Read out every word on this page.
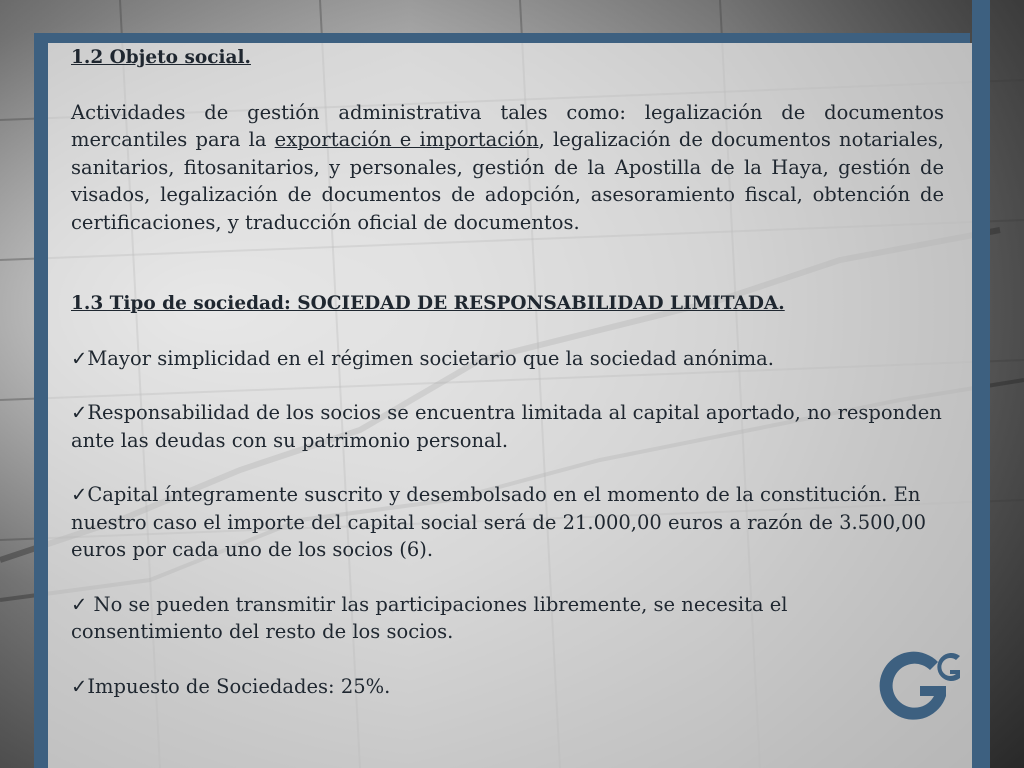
1.2 Objeto social.

Actividades de gestión administrativa tales como: legalización de documentos mercantiles para la exportación e importación, legalización de documentos notariales, sanitarios, fitosanitarios, y personales, gestión de la Apostilla de la Haya, gestión de visados, legalización de documentos de adopción, asesoramiento fiscal, obtención de certificaciones, y traducción oficial de documentos.

1.3 Tipo de sociedad: SOCIEDAD DE RESPONSABILIDAD LIMITADA.

✓Mayor simplicidad en el régimen societario que la sociedad anónima.

✓Responsabilidad de los socios se encuentra limitada al capital aportado, no responden ante las deudas con su patrimonio personal.

✓Capital íntegramente suscrito y desembolsado en el momento de la constitución. En nuestro caso el importe del capital social será de 21.000,00 euros a razón de 3.500,00 euros por cada uno de los socios (6).

✓ No se pueden transmitir las participaciones libremente, se necesita el consentimiento del resto de los socios.

✓Impuesto de Sociedades: 25%.
